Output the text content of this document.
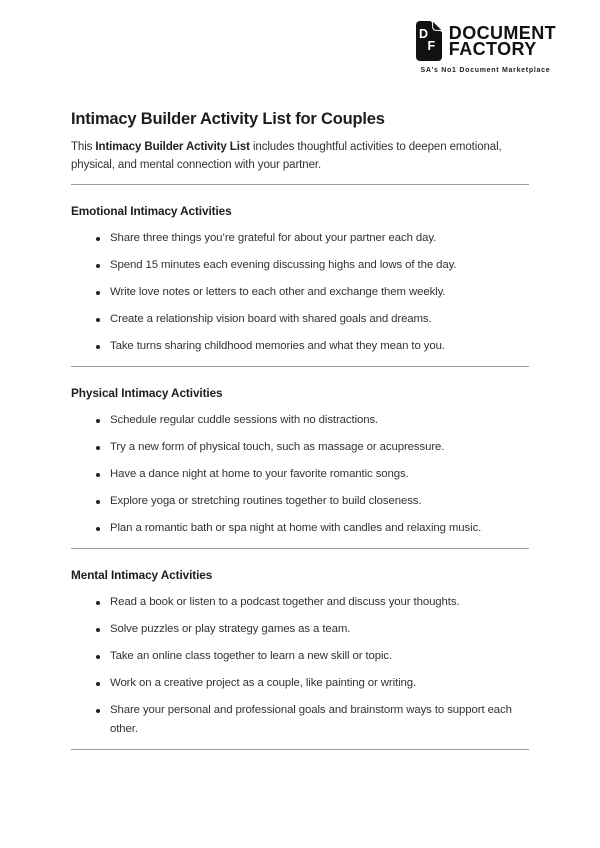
D
F
DOCUMENT
FACTORY
SA's No1 Document Marketplace
Intimacy Builder Activity List for Couples

This Intimacy Builder Activity List includes thoughtful activities to deepen emotional, physical, and mental connection with your partner.

Emotional Intimacy Activities
Share three things you’re grateful for about your partner each day.
Spend 15 minutes each evening discussing highs and lows of the day.
Write love notes or letters to each other and exchange them weekly.
Create a relationship vision board with shared goals and dreams.
Take turns sharing childhood memories and what they mean to you.
Physical Intimacy Activities
Schedule regular cuddle sessions with no distractions.
Try a new form of physical touch, such as massage or acupressure.
Have a dance night at home to your favorite romantic songs.
Explore yoga or stretching routines together to build closeness.
Plan a romantic bath or spa night at home with candles and relaxing music.
Mental Intimacy Activities
Read a book or listen to a podcast together and discuss your thoughts.
Solve puzzles or play strategy games as a team.
Take an online class together to learn a new skill or topic.
Work on a creative project as a couple, like painting or writing.
Share your personal and professional goals and brainstorm ways to support each other.
